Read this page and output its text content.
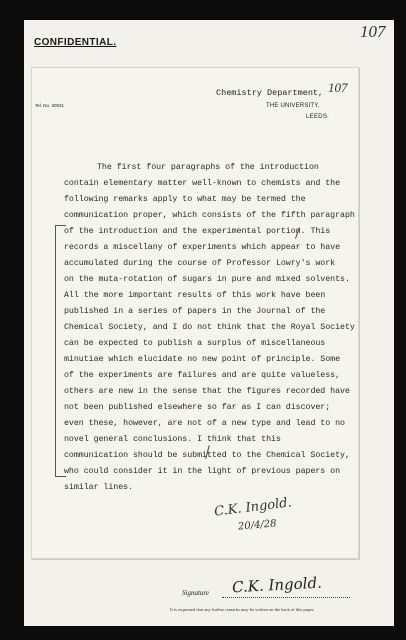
107
CONFIDENTIAL.
107
Tel. No. 30931
Chemistry Department,
THE UNIVERSITY,
LEEDS.
The first four paragraphs of the introduction
contain elementary matter well-known to chemists and the
following remarks apply to what may be termed the
communication proper, which consists of the fifth paragraph
of the introduction and the experimental portion. This
records a miscellany of experiments which appear to have
accumulated during the course of Professor Lowry's work
on the muta-rotation of sugars in pure and mixed solvents.
All the more important results of this work have been
published in a series of papers in the Journal of the
Chemical Society, and I do not think that the Royal Society
can be expected to publish a surplus of miscellaneous
minutiae which elucidate no new point of principle. Some
of the experiments are failures and are quite valueless,
others are new in the sense that the figures recorded have
not been published elsewhere so far as I can discover;
even these, however, are not of a new type and lead to no
novel general conclusions. I think that this
communication should be submitted to the Chemical Society,
who could consider it in the light of previous papers on
similar lines.
C.K. Ingold.
20/4/28
Signature C.K. Ingold.
It is requested that any further remarks may be written on the back of this paper.
